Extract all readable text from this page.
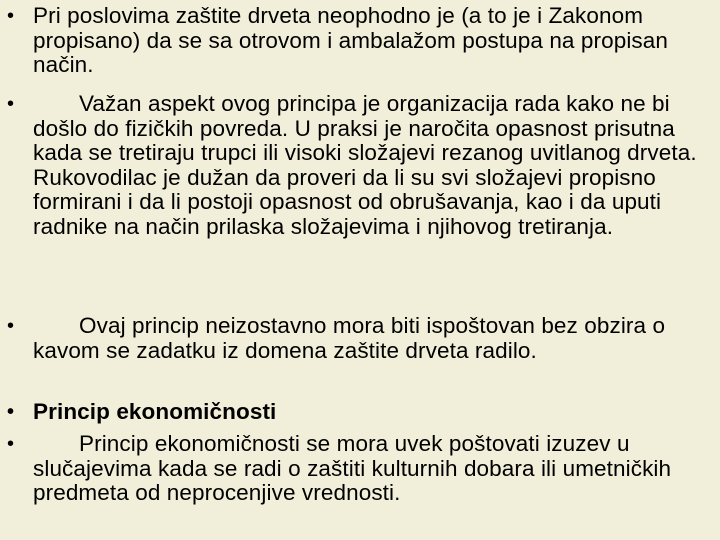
• Pri poslovima zaštite drveta neophodno je (a to je i Zakonom propisano) da se sa otrovom i ambalažom postupa na propisan način.
•	Važan aspekt ovog principa je organizacija rada kako ne bi došlo do fizičkih povreda. U praksi je naročita opasnost prisutna kada se tretiraju trupci ili visoki složajevi rezanog uvitlanog drveta. Rukovodilac je dužan da proveri da li su svi složajevi propisno formirani i da li postoji opasnost od obrušavanja, kao i da uputi radnike na način prilaska složajevima i njihovog tretiranja.
•	Ovaj princip neizostavno mora biti ispoštovan bez obzira o kavom se zadatku iz domena zaštite drveta radilo.
• Princip ekonomičnosti
•	Princip ekonomičnosti se mora uvek poštovati izuzev u slučajevima kada se radi o zaštiti kulturnih dobara ili umetničkih predmeta od neprocenjive vrednosti.
